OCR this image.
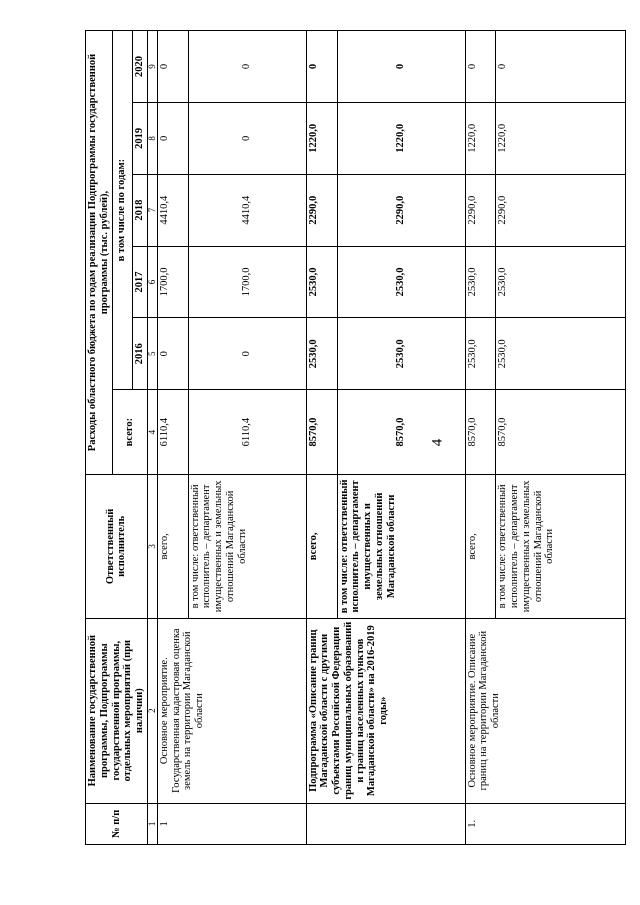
4
№ п/п	Наименование государственной программы, Подпрограммы государственной программы, отдельных мероприятий (при наличии)	Ответственный исполнитель	Расходы областного бюджета по годам реализации Подпрограммы государственной программы (тыс. рублей),					
			всего:	в том числе по годам:				
				2016	2017	2018	2019	2020
1	2	3	4	5	6	7	8	9
1	Основное мероприятие. Государственная кадастровая оценка земель на территории Магаданской области	всего,	6110,4	0	1700,0	4410,4	0	0
		в том числе: ответственный исполнитель – департамент имущественных и земельных отношений Магаданской области	6110,4	0	1700,0	4410,4	0	0
	Подпрограмма «Описание границ Магаданской области с другими субъектами Российской Федерации границ муниципальных образований и границ населенных пунктов Магаданской области» на 2016-2019 годы»	всего,	8570,0	2530,0	2530,0	2290,0	1220,0	0
		в том числе: ответственный исполнитель – департамент имущественных и земельных отношений Магаданской области	8570,0	2530,0	2530,0	2290,0	1220,0	0
1.	Основное мероприятие. Описание границ на территории Магаданской области	всего,	8570,0	2530,0	2530,0	2290,0	1220,0	0
		в том числе: ответственный исполнитель – департамент имущественных и земельных отношений Магаданской области	8570,0	2530,0	2530,0	2290,0	1220,0	0
